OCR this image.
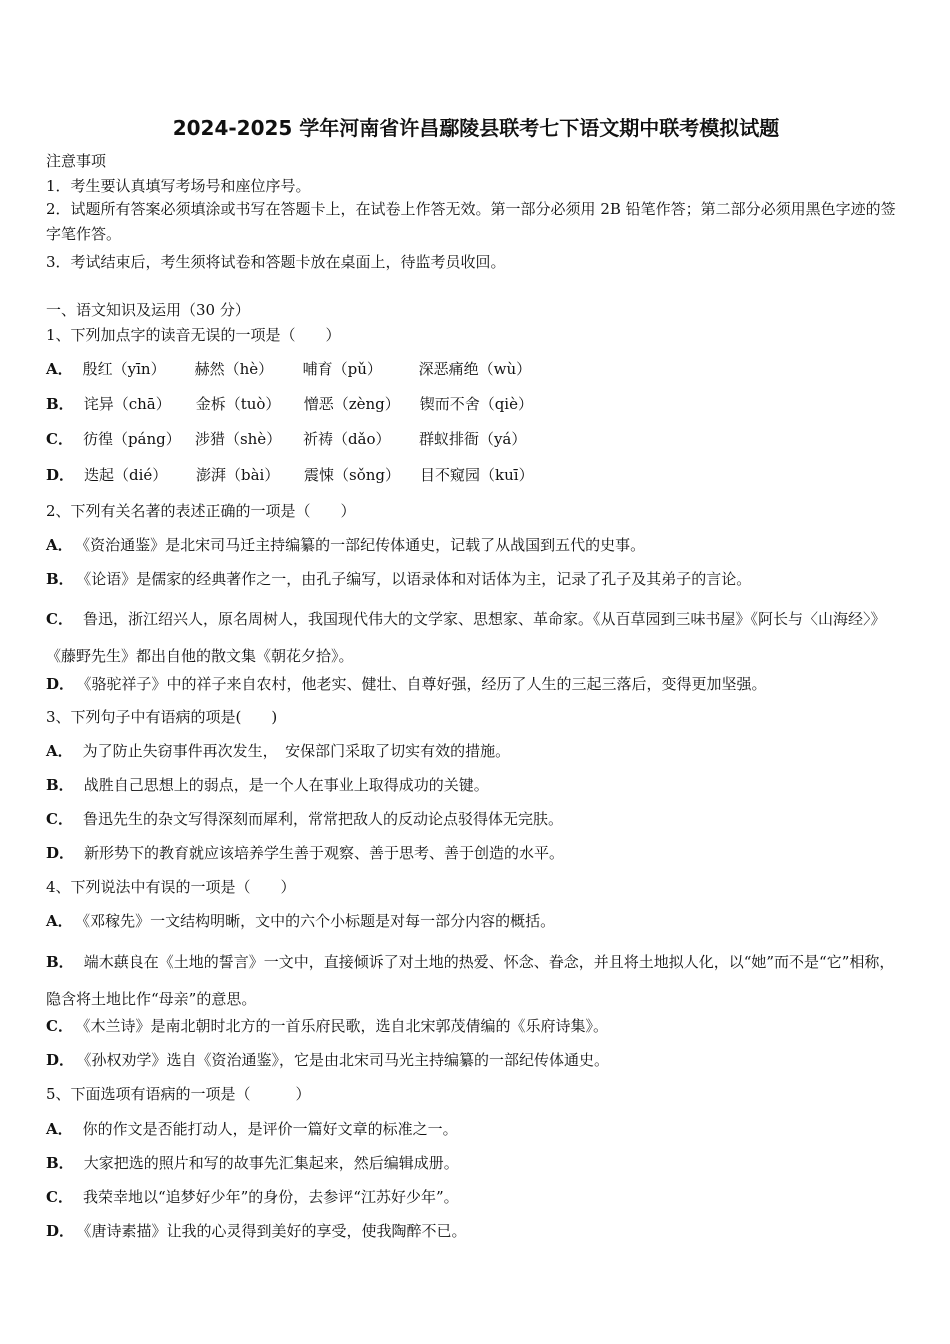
2024-2025 学年河南省许昌鄢陵县联考七下语文期中联考模拟试题
注意事项
1．考生要认真填写考场号和座位序号。
2．试题所有答案必须填涂或书写在答题卡上，在试卷上作答无效。第一部分必须用 2B 铅笔作答；第二部分必须用黑色字迹的签字笔作答。
3．考试结束后，考生须将试卷和答题卡放在桌面上，待监考员收回。
一、语文知识及运用（30 分）
1、下列加点字的读音无误的一项是（　　）
A． 殷红（yīn） 赫然（hè） 哺育（pǔ） 深恶痛绝（wù）
B． 诧异（chā） 金柝（tuò） 憎恶（zèng） 锲而不舍（qiè）
C． 彷徨（páng） 涉猎（shè） 祈祷（dǎo） 群蚁排衙（yá）
D． 迭起（dié） 澎湃（bài） 震悚（sǒng） 目不窥园（kuī）
2、下列有关名著的表述正确的一项是（　　）
A． 《资治通鉴》是北宋司马迁主持编纂的一部纪传体通史，记载了从战国到五代的史事。
B． 《论语》是儒家的经典著作之一，由孔子编写，以语录体和对话体为主，记录了孔子及其弟子的言论。
C． 鲁迅，浙江绍兴人，原名周树人，我国现代伟大的文学家、思想家、革命家。《从百草园到三味书屋》《阿长与〈山海经〉》《藤野先生》都出自他的散文集《朝花夕拾》。
D． 《骆驼祥子》中的祥子来自农村，他老实、健壮、自尊好强，经历了人生的三起三落后，变得更加坚强。
3、下列句子中有语病的项是(　　)
A． 为了防止失窃事件再次发生，　安保部门采取了切实有效的措施。
B． 战胜自己思想上的弱点，是一个人在事业上取得成功的关键。
C． 鲁迅先生的杂文写得深刻而犀利，常常把敌人的反动论点驳得体无完肤。
D． 新形势下的教育就应该培养学生善于观察、善于思考、善于创造的水平。
4、下列说法中有误的一项是（　　）
A． 《邓稼先》一文结构明晰，文中的六个小标题是对每一部分内容的概括。
B． 端木蕻良在《土地的誓言》一文中，直接倾诉了对土地的热爱、怀念、眷念，并且将土地拟人化，以“她”而不是“它”相称，隐含将土地比作“母亲”的意思。
C． 《木兰诗》是南北朝时北方的一首乐府民歌，选自北宋郭茂倩编的《乐府诗集》。
D． 《孙权劝学》选自《资治通鉴》，它是由北宋司马光主持编纂的一部纪传体通史。
5、下面选项有语病的一项是（　　　）
A． 你的作文是否能打动人，是评价一篇好文章的标准之一。
B． 大家把选的照片和写的故事先汇集起来，然后编辑成册。
C． 我荣幸地以“追梦好少年”的身份，去参评“江苏好少年”。
D． 《唐诗素描》让我的心灵得到美好的享受，使我陶醉不已。
